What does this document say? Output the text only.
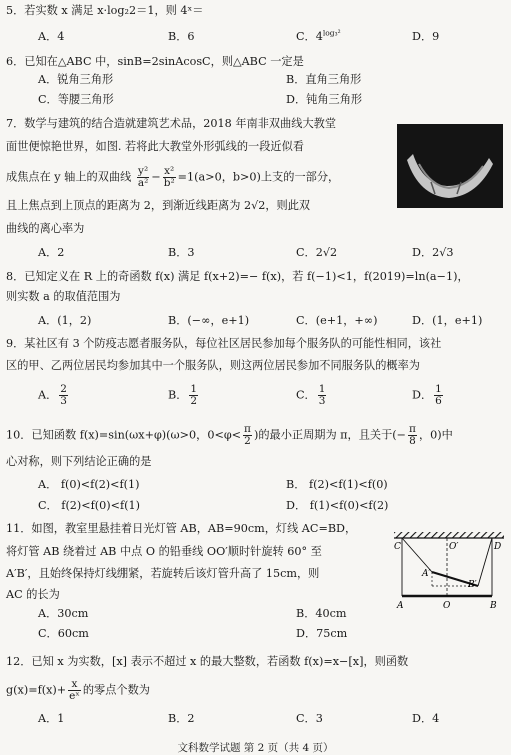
5．若实数 x 满足 x·log₂2＝1，则 4ˣ＝
A．4	B．6	C．$4^{log_3^2}$	D．9
6．已知在△ABC 中，sinB=2sinAcosC，则△ABC 一定是
A．锐角三角形	B．直角三角形
C．等腰三角形	D．钝角三角形
7．数学与建筑的结合造就建筑艺术品，2018 年南非双曲线大教堂
面世便惊艳世界，如图. 若将此大教堂外形弧线的一段近似看
成焦点在 y 轴上的双曲线 $\frac{\text{y²}}{\text{a²}} - \frac{\text{x²}}{\text{b²}} =1(a>0$，b>0)上支的一部分，
且上焦点到上顶点的距离为 2，到渐近线距离为 2√2，则此双
曲线的离心率为
A．2	B．3	C．2√2	D．2√3
8．已知定义在 R 上的奇函数 f(x) 满足 f(x+2)=− f(x)，若 f(−1)<1，f(2019)=ln(a−1)，
则实数 a 的取值范围为
A．(1，2)	B．(−∞，e+1)	C．(e+1，+∞)	D．(1，e+1)
9．某社区有 3 个防疫志愿者服务队，每位社区居民参加每个服务队的可能性相同，该社
区的甲、乙两位居民均参加其中一个服务队，则这两位居民参加不同服务队的概率为
A． $\frac{2}{3}$	B． $\frac{1}{2}$	C． $\frac{1}{3}$	D． $\frac{1}{6}$
10．已知函数 f(x)=sin(ωx+φ)(ω>0，$0<\varphi< \frac{\pi}{2}$ )的最小正周期为 π，且关于(− $\frac{\pi}{8}$ ，0)中
心对称，则下列结论正确的是
A． f(0)<f(2)<f(1)	B． f(2)<f(1)<f(0)
C． f(2)<f(0)<f(1)	D． f(1)<f(0)<f(2)
11．如图，教室里悬挂着日光灯管 AB，AB=90cm，灯线 AC=BD，
将灯管 AB 绕着过 AB 中点 O 的铅垂线 OO′顺时针旋转 60° 至
A′B′，且始终保持灯线绷紧，若旋转后该灯管升高了 15cm，则
AC 的长为
A．30cm	B．40cm
C．60cm	D．75cm
C	O′	D
A′
B′
A	O	B
12．已知 x 为实数，[x] 表示不超过 x 的最大整数，若函数 f(x)=x−[x]，则函数
$g(x)=f(x)+ \frac{x}{\text{eˣ}}$ 的零点个数为
A．1	B．2	C．3	D．4
文科数学试题 第 2 页（共 4 页）
